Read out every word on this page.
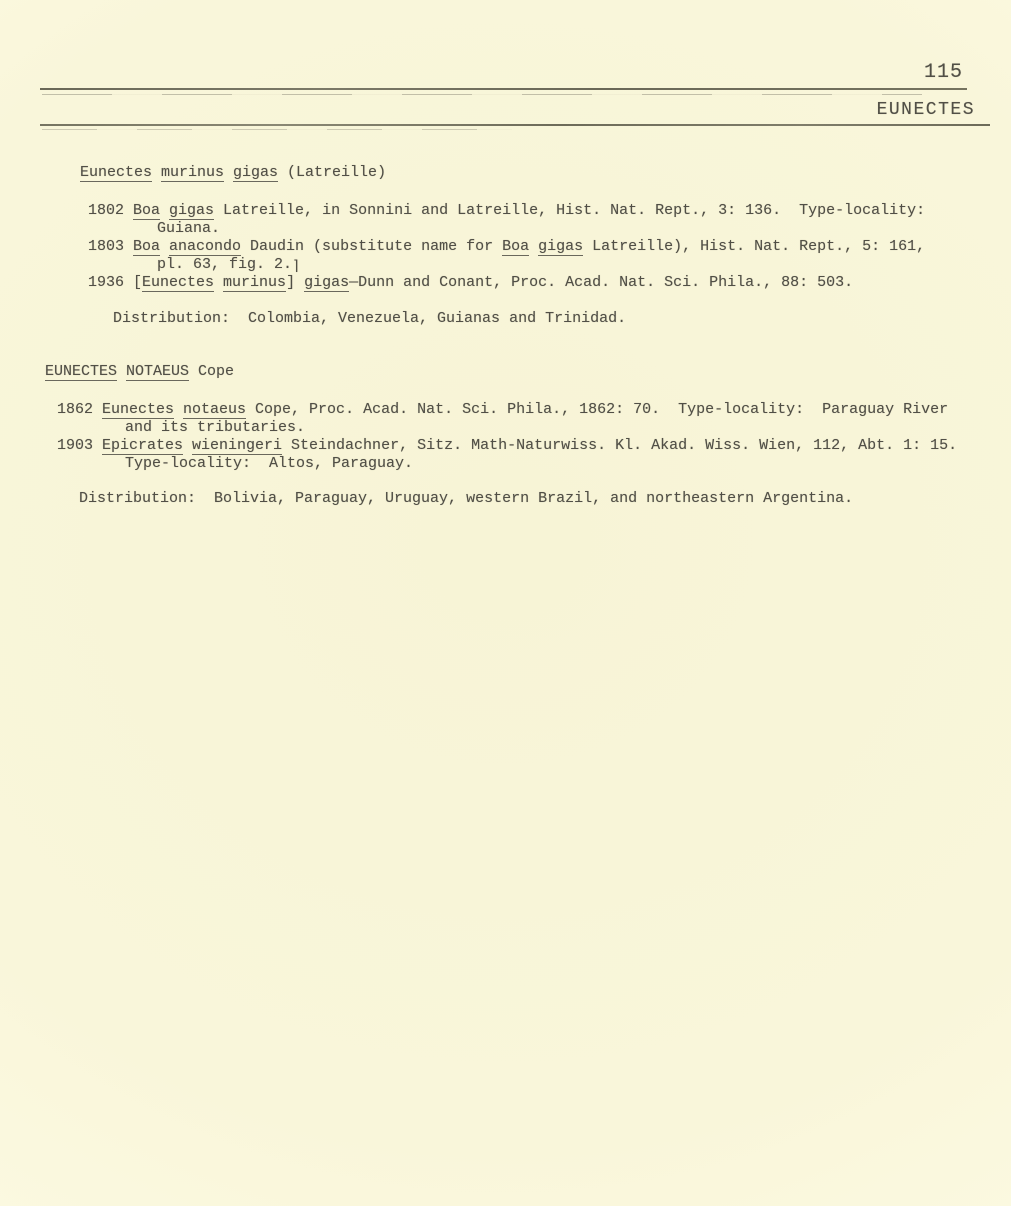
115
EUNECTES
Eunectes murinus gigas (Latreille)
1802 Boa gigas Latreille, in Sonnini and Latreille, Hist. Nat. Rept., 3: 136.  Type-locality:
Guiana.
1803 Boa anacondo Daudin (substitute name for Boa gigas Latreille), Hist. Nat. Rept., 5: 161,
pl. 63, fig. 2.⌉
1936 [Eunectes murinus] gigas—Dunn and Conant, Proc. Acad. Nat. Sci. Phila., 88: 503.
Distribution:  Colombia, Venezuela, Guianas and Trinidad.
EUNECTES NOTAEUS Cope
1862 Eunectes notaeus Cope, Proc. Acad. Nat. Sci. Phila., 1862: 70.  Type-locality:  Paraguay River
and its tributaries.
1903 Epicrates wieningeri Steindachner, Sitz. Math-Naturwiss. Kl. Akad. Wiss. Wien, 112, Abt. 1: 15.
Type-locality:  Altos, Paraguay.
Distribution:  Bolivia, Paraguay, Uruguay, western Brazil, and northeastern Argentina.
